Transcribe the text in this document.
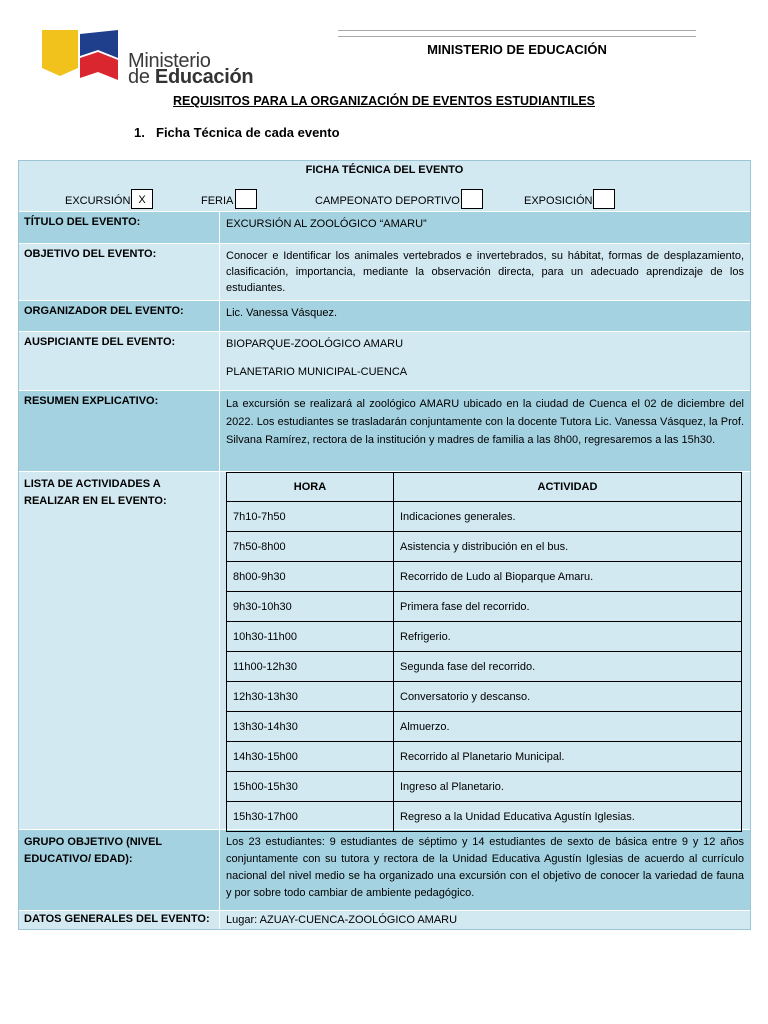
Ministerio
de Educación
MINISTERIO DE EDUCACIÓN
REQUISITOS PARA LA ORGANIZACIÓN DE EVENTOS ESTUDIANTILES
1. Ficha Técnica de cada evento
FICHA TÉCNICA DEL EVENTO
EXCURSIÓN X	FERIA	CAMPEONATO DEPORTIVO	EXPOSICIÓN
TÍTULO DEL EVENTO:	EXCURSIÓN AL ZOOLÓGICO “AMARU”
OBJETIVO DEL EVENTO:	Conocer e Identificar los animales vertebrados e invertebrados, su hábitat, formas de desplazamiento, clasificación, importancia, mediante la observación directa, para un adecuado aprendizaje de los estudiantes.
ORGANIZADOR DEL EVENTO:	Lic. Vanessa Vásquez.
AUSPICIANTE DEL EVENTO:	BIOPARQUE-ZOOLÓGICO AMARU
PLANETARIO MUNICIPAL-CUENCA
RESUMEN EXPLICATIVO:	La excursión se realizará al zoológico AMARU ubicado en la ciudad de Cuenca el 02 de diciembre del 2022. Los estudiantes se trasladarán conjuntamente con la docente Tutora Lic. Vanessa Vásquez, la Prof. Silvana Ramírez, rectora de la institución y madres de familia a las 8h00, regresaremos a las 15h30.
LISTA DE ACTIVIDADES A REALIZAR EN EL EVENTO:
HORA	ACTIVIDAD
7h10-7h50	Indicaciones generales.
7h50-8h00	Asistencia y distribución en el bus.
8h00-9h30	Recorrido de Ludo al Bioparque Amaru.
9h30-10h30	Primera fase del recorrido.
10h30-11h00	Refrigerio.
11h00-12h30	Segunda fase del recorrido.
12h30-13h30	Conversatorio y descanso.
13h30-14h30	Almuerzo.
14h30-15h00	Recorrido al Planetario Municipal.
15h00-15h30	Ingreso al Planetario.
15h30-17h00	Regreso a la Unidad Educativa Agustín Iglesias.
GRUPO OBJETIVO (NIVEL EDUCATIVO/ EDAD):
Los 23 estudiantes: 9 estudiantes de séptimo y 14 estudiantes de sexto de básica entre 9 y 12 años conjuntamente con su tutora y rectora de la Unidad Educativa Agustín Iglesias de acuerdo al currículo nacional del nivel medio se ha organizado una excursión con el objetivo de conocer la variedad de fauna y por sobre todo cambiar de ambiente pedagógico.
DATOS GENERALES DEL EVENTO:	Lugar: AZUAY-CUENCA-ZOOLÓGICO AMARU
